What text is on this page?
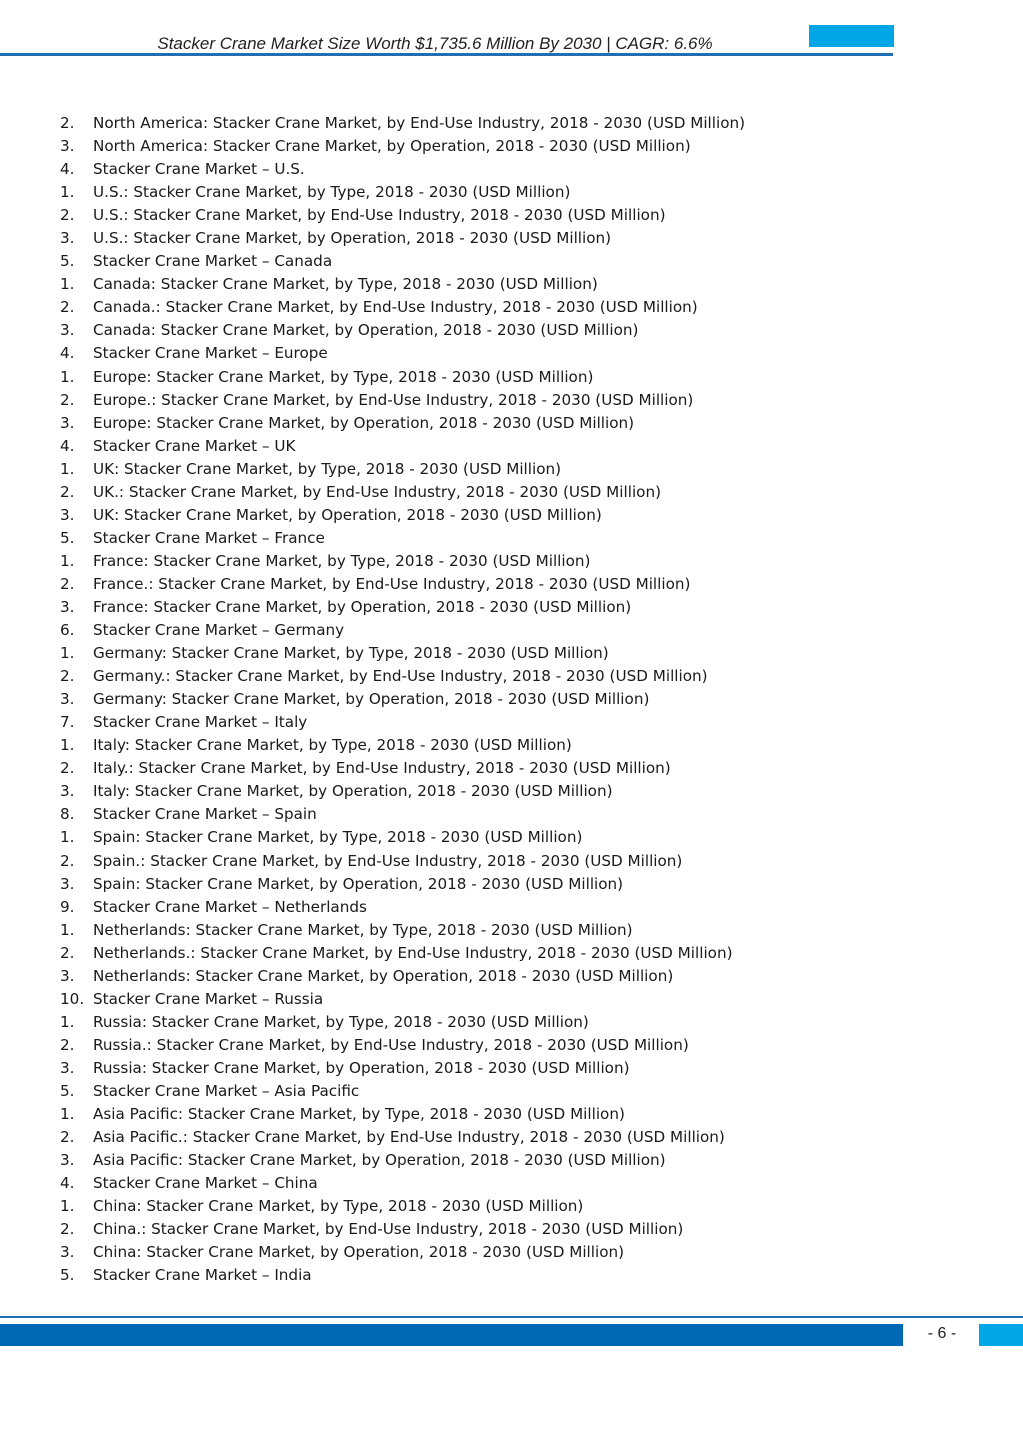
Stacker Crane Market Size Worth $1,735.6 Million By 2030 | CAGR: 6.6%
2.	North America: Stacker Crane Market, by End-Use Industry, 2018 - 2030 (USD Million)
3.	North America: Stacker Crane Market, by Operation, 2018 - 2030 (USD Million)
4.	Stacker Crane Market – U.S.
1.	U.S.: Stacker Crane Market, by Type, 2018 - 2030 (USD Million)
2.	U.S.: Stacker Crane Market, by End-Use Industry, 2018 - 2030 (USD Million)
3.	U.S.: Stacker Crane Market, by Operation, 2018 - 2030 (USD Million)
5.	Stacker Crane Market – Canada
1.	Canada: Stacker Crane Market, by Type, 2018 - 2030 (USD Million)
2.	Canada.: Stacker Crane Market, by End-Use Industry, 2018 - 2030 (USD Million)
3.	Canada: Stacker Crane Market, by Operation, 2018 - 2030 (USD Million)
4.	Stacker Crane Market – Europe
1.	Europe: Stacker Crane Market, by Type, 2018 - 2030 (USD Million)
2.	Europe.: Stacker Crane Market, by End-Use Industry, 2018 - 2030 (USD Million)
3.	Europe: Stacker Crane Market, by Operation, 2018 - 2030 (USD Million)
4.	Stacker Crane Market – UK
1.	UK: Stacker Crane Market, by Type, 2018 - 2030 (USD Million)
2.	UK.: Stacker Crane Market, by End-Use Industry, 2018 - 2030 (USD Million)
3.	UK: Stacker Crane Market, by Operation, 2018 - 2030 (USD Million)
5.	Stacker Crane Market – France
1.	France: Stacker Crane Market, by Type, 2018 - 2030 (USD Million)
2.	France.: Stacker Crane Market, by End-Use Industry, 2018 - 2030 (USD Million)
3.	France: Stacker Crane Market, by Operation, 2018 - 2030 (USD Million)
6.	Stacker Crane Market – Germany
1.	Germany: Stacker Crane Market, by Type, 2018 - 2030 (USD Million)
2.	Germany.: Stacker Crane Market, by End-Use Industry, 2018 - 2030 (USD Million)
3.	Germany: Stacker Crane Market, by Operation, 2018 - 2030 (USD Million)
7.	Stacker Crane Market – Italy
1.	Italy: Stacker Crane Market, by Type, 2018 - 2030 (USD Million)
2.	Italy.: Stacker Crane Market, by End-Use Industry, 2018 - 2030 (USD Million)
3.	Italy: Stacker Crane Market, by Operation, 2018 - 2030 (USD Million)
8.	Stacker Crane Market – Spain
1.	Spain: Stacker Crane Market, by Type, 2018 - 2030 (USD Million)
2.	Spain.: Stacker Crane Market, by End-Use Industry, 2018 - 2030 (USD Million)
3.	Spain: Stacker Crane Market, by Operation, 2018 - 2030 (USD Million)
9.	Stacker Crane Market – Netherlands
1.	Netherlands: Stacker Crane Market, by Type, 2018 - 2030 (USD Million)
2.	Netherlands.: Stacker Crane Market, by End-Use Industry, 2018 - 2030 (USD Million)
3.	Netherlands: Stacker Crane Market, by Operation, 2018 - 2030 (USD Million)
10. Stacker Crane Market – Russia
1.	Russia: Stacker Crane Market, by Type, 2018 - 2030 (USD Million)
2.	Russia.: Stacker Crane Market, by End-Use Industry, 2018 - 2030 (USD Million)
3.	Russia: Stacker Crane Market, by Operation, 2018 - 2030 (USD Million)
5.	Stacker Crane Market – Asia Pacific
1.	Asia Pacific: Stacker Crane Market, by Type, 2018 - 2030 (USD Million)
2.	Asia Pacific.: Stacker Crane Market, by End-Use Industry, 2018 - 2030 (USD Million)
3.	Asia Pacific: Stacker Crane Market, by Operation, 2018 - 2030 (USD Million)
4.	Stacker Crane Market – China
1.	China: Stacker Crane Market, by Type, 2018 - 2030 (USD Million)
2.	China.: Stacker Crane Market, by End-Use Industry, 2018 - 2030 (USD Million)
3.	China: Stacker Crane Market, by Operation, 2018 - 2030 (USD Million)
5.	Stacker Crane Market – India
- 6 -
